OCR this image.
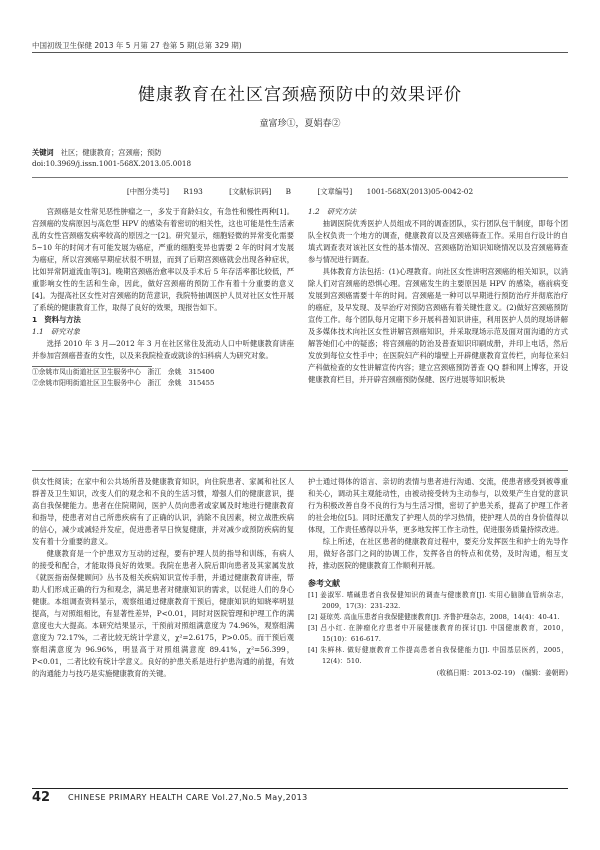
中国初级卫生保健 2013 年 5 月第 27 卷第 5 期(总第 329 期)
健康教育在社区宫颈癌预防中的效果评价
童富珍①，夏娟春②
关键词　 社区；健康教育；宫颈癌；预防
doi:10.3969/j.issn.1001-568X.2013.05.0018
[中图分类号] R193	[文献标识码] B	[文章编号] 1001-568X(2013)05-0042-02

宫颈癌是女性常见恶性肿瘤之一，多发于育龄妇女，有急性和慢性两种[1]。宫颈癌的发病原因与高危型 HPV 的感染有着密切的相关性，这也可能是性生活紊乱的女性宫颈癌发病率较高的原因之一[2]。研究显示，细胞轻微的异常变化需要 5~10 年的时间才有可能发展为癌症，严重的细胞变异也需要 2 年的时间才发展为癌症，所以宫颈癌早期症状很不明显，而到了后期宫颈癌就会出现各种症状，比如异常阴道流血等[3]。晚期宫颈癌治愈率以及手术后 5 年存活率都比较低，严重影响女性的生活和生命，因此，做好宫颈癌的预防工作有着十分重要的意义[4]。为提高社区女性对宫颈癌的防范意识，我院特抽调医护人员对社区女性开展了系统的健康教育工作，取得了良好的效果，现报告如下。

1　资料与方法

1.1　研究对象

选择 2010 年 3 月—2012 年 3 月在社区常住及流动人口中听健康教育讲座并参加宫颈癌普查的女性，以及来我院检查或就诊的妇科病人为研究对象。

①余姚市凤山街道社区卫生服务中心　浙江　余姚　315400
②余姚市阳明街道社区卫生服务中心　浙江　余姚　315455

1.2　研究方法

抽调医院优秀医护人员组成不同的调查团队，实行团队包干制度，即每个团队全权负责一个地方的调查，健康教育以及宫颈癌筛查工作。采用自行设计的自填式调查表对该社区女性的基本情况、宫颈癌防治知识知晓情况以及宫颈癌筛查参与情况进行调查。

具体教育方法包括：(1)心理教育。向社区女性讲明宫颈癌的相关知识，以消除人们对宫颈癌的恐惧心理。宫颈癌发生的主要原因是 HPV 的感染，癌前病变发展到宫颈癌需要十年的时间。宫颈癌是一种可以早期进行预防治疗并彻底治疗的癌症，及早发现、及早治疗对预防宫颈癌有着关键性意义。(2)做好宫颈癌预防宣传工作。每个团队每月定期下乡开展科普知识讲座，利用医护人员的现场讲解及多媒体技术向社区女性讲解宫颈癌知识，并采取现场示范及面对面沟通的方式解答她们心中的疑惑；将宫颈癌的防治及普查知识印刷成册，并印上电话，然后发放到每位女性手中；在医院妇产科的墙壁上开辟健康教育宣传栏，向每位来妇产科做检查的女性讲解宣传内容；建立宫颈癌预防普查 QQ 群和网上博客，开设健康教育栏目，并开辟宫颈癌预防保健、医疗进展等知识板块

供女性阅读；在家中和公共场所普及健康教育知识，向住院患者、家属和社区人群普及卫生知识，改变人们的观念和不良的生活习惯，增强人们的健康意识，提高自我保健能力。患者在住院期间，医护人员向患者或家属及时地进行健康教育和指导，使患者对自己所患疾病有了正确的认识，消除不良因素，树立战胜疾病的信心，减少或减轻并发症，促进患者早日恢复健康，并对减少或预防疾病的复发有着十分重要的意义。

健康教育是一个护患双方互动的过程，要有护理人员的指导和训练，有病人的接受和配合，才能取得良好的效果。我院在患者入院后即向患者及其家属发放《就医指南保健顾问》丛书及相关疾病知识宣传手册，并通过健康教育讲座，帮助人们形成正确的行为和观念，满足患者对健康知识的需求，以促进人们的身心健康。本组调查资料显示，观察组通过健康教育干预后，健康知识的知晓率明显提高，与对照组相比，有显著性差异，P<0.01，同时对医院管理和护理工作的满意度也大大提高。本研究结果显示，干预前对照组满意度为 74.96%，观察组满意度为 72.17%，二者比较无统计学意义，χ²=2.6175，P>0.05。而干预后观察组满意度为 96.96%，明显高于对照组满意度 89.41%，χ²=56.399，P<0.01，二者比较有统计学意义。良好的护患关系是进行护患沟通的前提，有效的沟通能力与技巧是实施健康教育的关键。

护士通过得体的语言、亲切的表情与患者进行沟通、交流，使患者感受到被尊重和关心，调动其主观能动性，由被动接受转为主动参与，以效果产生自觉的意识行为积极改善自身不良的行为与生活习惯，密切了护患关系，提高了护理工作者的社会地位[5]。同时还激发了护理人员的学习热情，使护理人员的自身价值得以体现，工作责任感得以升华，更多地发挥工作主动性，促进服务质量持续改进。

综上所述，在社区患者的健康教育过程中，要充分发挥医生和护士的先导作用，做好各部门之间的协调工作，发挥各自的特点和优势，及时沟通，相互支持，推动医院的健康教育工作顺利开展。

参考文献
[1] 姜淑军. 嗜碱患者自我保健知识的调查与健康教育[J]. 实用心脑肺血管病杂志，2009，17(3)：231-232.
[2] 聂琼英. 高血压患者自我保健健康教育[J]. 齐鲁护理杂志，2008，14(4)：40-41.
[3] 吕小红. 在肿瘤化疗患者中开展健康教育的探讨[J]. 中国健康教育，2010，15(10)：616-617.
[4] 朱鲜林. 做好健康教育工作提高患者自我保健能力[J]. 中国基层医药，2005，12(4)：510.
(收稿日期：2013-02-19)　(编辑：姜朝晖)
42 CHINESE PRIMARY HEALTH CARE Vol.27,No.5 May,2013
